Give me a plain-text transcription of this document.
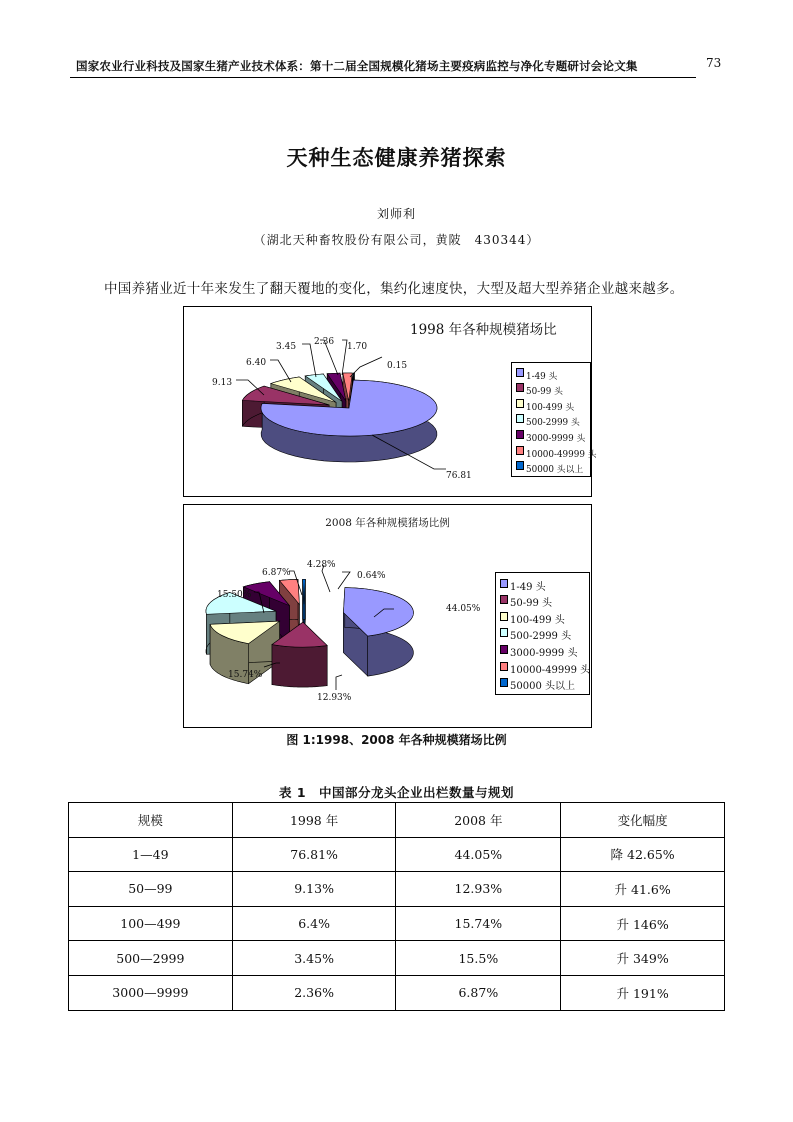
国家农业行业科技及国家生猪产业技术体系：第十二届全国规模化猪场主要疫病监控与净化专题研讨会论文集	73
天种生态健康养猪探索
刘师利
（湖北天种畜牧股份有限公司，黄陂　430344）
中国养猪业近十年来发生了翻天覆地的变化，集约化速度快，大型及超大型养猪企业越来越多。
76.81
9.13
6.40
3.45 2.36 1.70
0.15
1998 年各种规模猪场比
1-49 头
50-99 头
100-499 头
500-2999 头
3000-9999 头
10000-49999 头
50000 头以上
44.05%
12.93%
15.74%
15.50%
6.87%
4.28%
0.64%
2008 年各种规模猪场比例
1-49 头
50-99 头
100-499 头
500-2999 头
3000-9999 头
10000-49999 头
50000 头以上
图 1:1998、2008 年各种规模猪场比例
表 1　中国部分龙头企业出栏数量与规划
规模	1998 年	2008 年	变化幅度
1—49	76.81%	44.05%	降 42.65%
50—99	9.13%	12.93%	升 41.6%
100—499	6.4%	15.74%	升 146%
500—2999	3.45%	15.5%	升 349%
3000—9999	2.36%	6.87%	升 191%
